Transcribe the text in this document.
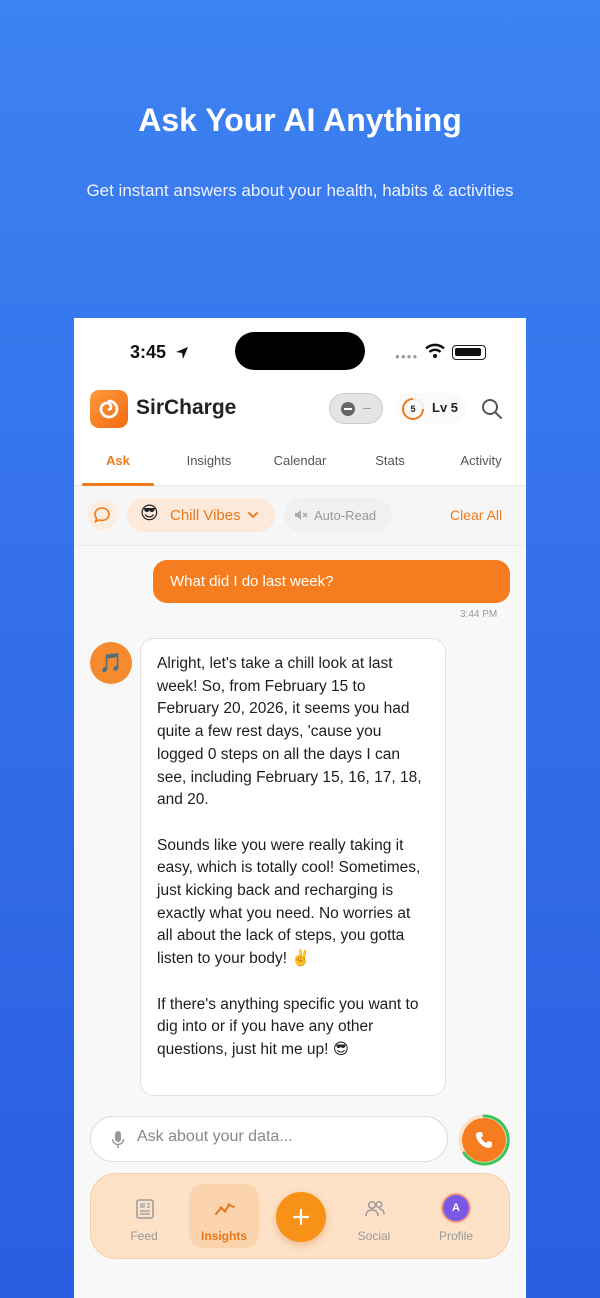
Ask Your AI Anything
Get instant answers about your health, habits & activities
3:45	●●●●
SirCharge	–	5	Lv 5
Ask	Insights	Calendar	Stats	Activity
😎 Chill Vibes	Auto-Read	Clear All
What did I do last week?
3:44 PM
🎵	Alright, let's take a chill look at last week! So, from February 15 to February 20, 2026, it seems you had quite a few rest days, 'cause you logged 0 steps on all the days I can see, including February 15, 16, 17, 18, and 20.

Sounds like you were really taking it easy, which is totally cool! Sometimes, just kicking back and recharging is exactly what you need. No worries at all about the lack of steps, you gotta listen to your body! ✌️

If there's anything specific you want to dig into or if you have any other questions, just hit me up! 😎

Ask about your data...
Feed	Insights	Social
A
Profile
